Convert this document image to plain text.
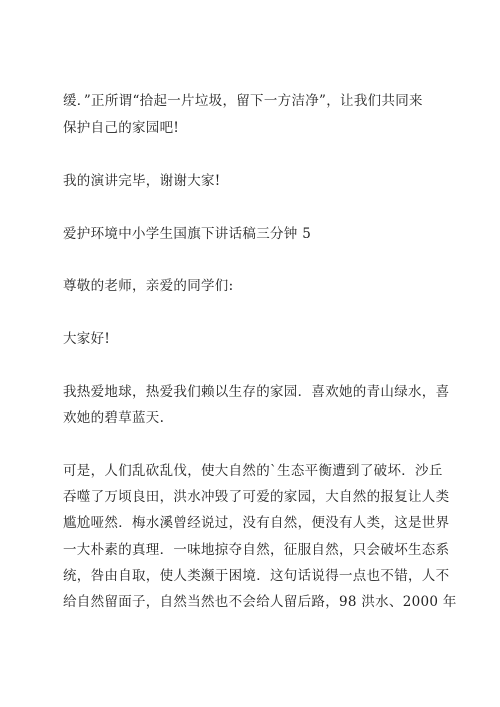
缓．”正所谓“拾起一片垃圾，留下一方洁净”，让我们共同来

保护自己的家园吧!

我的演讲完毕，谢谢大家!

爱护环境中小学生国旗下讲话稿三分钟 5

尊敬的老师，亲爱的同学们:

大家好!

我热爱地球，热爱我们赖以生存的家园．喜欢她的青山绿水，喜

欢她的碧草蓝天.

可是，人们乱砍乱伐，使大自然的`生态平衡遭到了破坏．沙丘

吞噬了万顷良田，洪水冲毁了可爱的家园，大自然的报复让人类

尴尬哑然．梅水溪曾经说过，没有自然，便没有人类，这是世界

一大朴素的真理．一味地掠夺自然，征服自然，只会破坏生态系

统，咎由自取，使人类濒于困境．这句话说得一点也不错，人不

给自然留面子，自然当然也不会给人留后路，98 洪水、2000 年
